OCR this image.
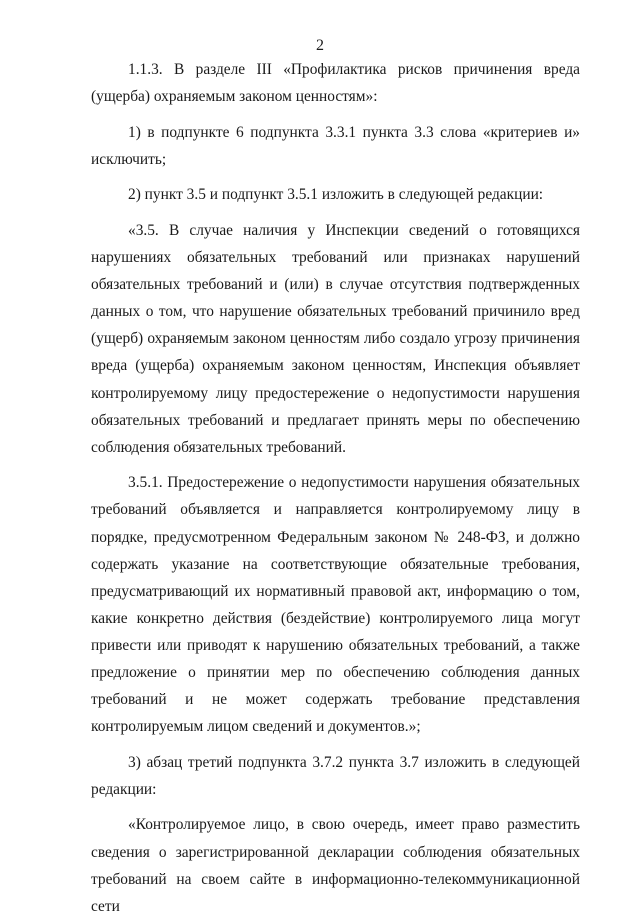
2

1.1.3. В разделе III «Профилактика рисков причинения вреда (ущерба) охраняемым законом ценностям»:

1) в подпункте 6 подпункта 3.3.1 пункта 3.3 слова «критериев и» исключить;

2) пункт 3.5 и подпункт 3.5.1 изложить в следующей редакции:

«3.5. В случае наличия у Инспекции сведений о готовящихся нарушениях обязательных требований или признаках нарушений обязательных требований и (или) в случае отсутствия подтвержденных данных о том, что нарушение обязательных требований причинило вред (ущерб) охраняемым законом ценностям либо создало угрозу причинения вреда (ущерба) охраняемым законом ценностям, Инспекция объявляет контролируемому лицу предостережение о недопустимости нарушения обязательных требований и предлагает принять меры по обеспечению соблюдения обязательных требований.

3.5.1. Предостережение о недопустимости нарушения обязательных требований объявляется и направляется контролируемому лицу в порядке, предусмотренном Федеральным законом № 248-ФЗ, и должно содержать указание на соответствующие обязательные требования, предусматривающий их нормативный правовой акт, информацию о том, какие конкретно действия (бездействие) контролируемого лица могут привести или приводят к нарушению обязательных требований, а также предложение о принятии мер по обеспечению соблюдения данных требований и не может содержать требование представления контролируемым лицом сведений и документов.»;

3) абзац третий подпункта 3.7.2 пункта 3.7 изложить в следующей редакции:

«Контролируемое лицо, в свою очередь, имеет право разместить сведения о зарегистрированной декларации соблюдения обязательных требований на своем сайте в информационно-телекоммуникационной сети
